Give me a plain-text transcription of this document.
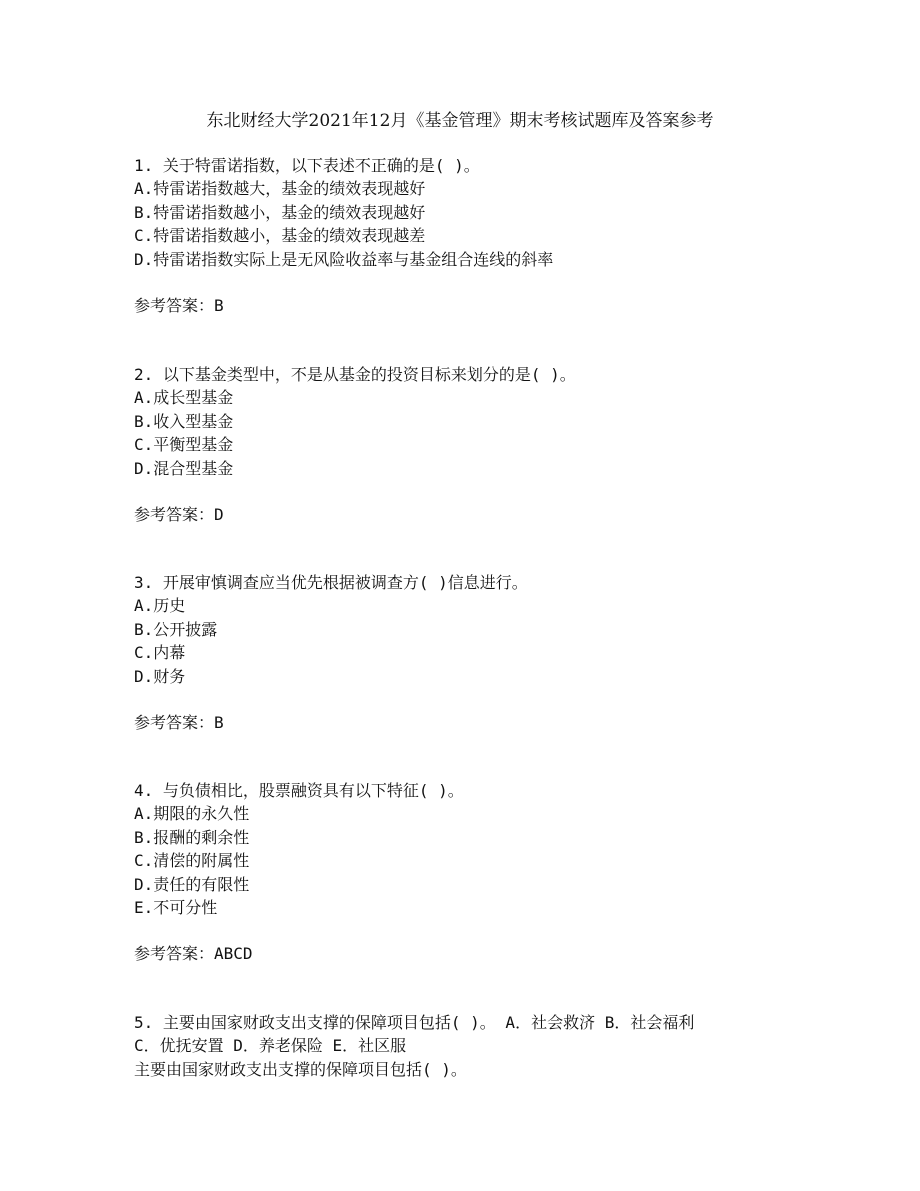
东北财经大学2021年12月《基金管理》期末考核试题库及答案参考
1. 关于特雷诺指数，以下表述不正确的是( )。
A.特雷诺指数越大，基金的绩效表现越好
B.特雷诺指数越小，基金的绩效表现越好
C.特雷诺指数越小，基金的绩效表现越差
D.特雷诺指数实际上是无风险收益率与基金组合连线的斜率
参考答案：B
2. 以下基金类型中，不是从基金的投资目标来划分的是( )。
A.成长型基金
B.收入型基金
C.平衡型基金
D.混合型基金
参考答案：D
3. 开展审慎调查应当优先根据被调查方( )信息进行。
A.历史
B.公开披露
C.内幕
D.财务
参考答案：B
4. 与负债相比，股票融资具有以下特征( )。
A.期限的永久性
B.报酬的剩余性
C.清偿的附属性
D.责任的有限性
E.不可分性
参考答案：ABCD
5. 主要由国家财政支出支撑的保障项目包括( )。 A．社会救济 B．社会福利
C．优抚安置 D．养老保险 E．社区服
主要由国家财政支出支撑的保障项目包括( )。
